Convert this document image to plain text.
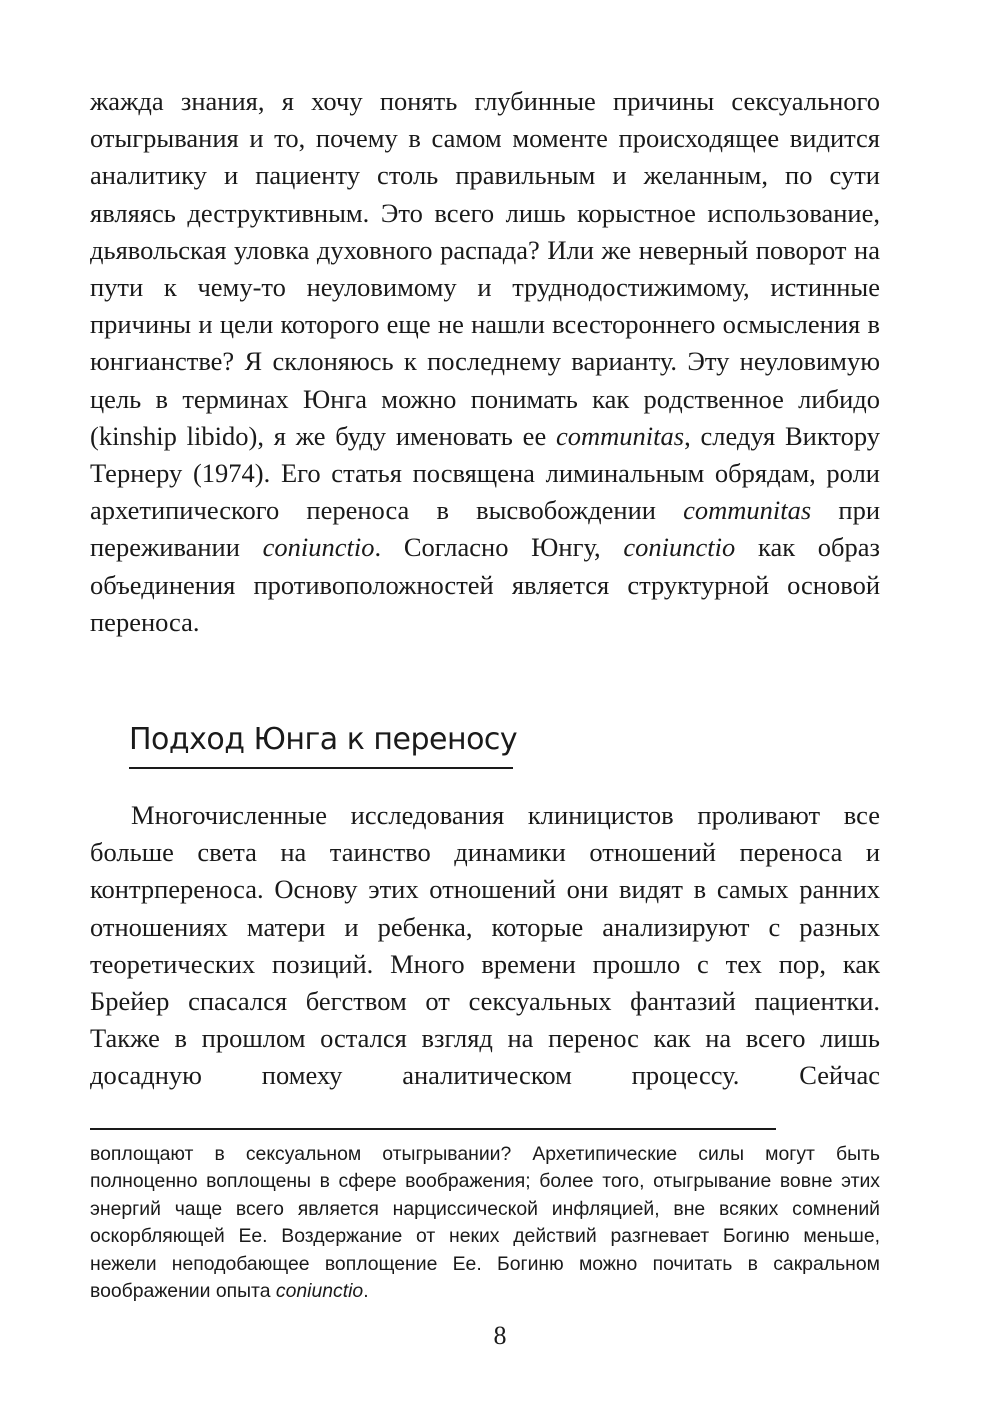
жажда знания, я хочу понять глубинные причины сексуального отыгрывания и то, почему в самом моменте происходящее видится аналитику и пациенту столь правильным и желанным, по сути являясь деструктивным. Это всего лишь корыстное использование, дьявольская уловка духовного распада? Или же неверный поворот на пути к чему-то неуловимому и труднодостижимому, истинные причины и цели которого еще не нашли всестороннего осмысления в юнгианстве? Я склоняюсь к последнему варианту. Эту неуловимую цель в терминах Юнга можно понимать как родственное либидо (kinship libido), я же буду именовать ее communitas, следуя Виктору Тернеру (1974). Его статья посвящена лиминальным обрядам, роли архетипического переноса в высвобождении communitas при переживании coniunctio. Согласно Юнгу, coniunctio как образ объединения противоположностей является структурной основой переноса.

Подход Юнга к переносу

Многочисленные исследования клиницистов проливают все больше света на таинство динамики отношений переноса и контрпереноса. Основу этих отношений они видят в самых ранних отношениях матери и ребенка, которые анализируют с разных теоретических позиций. Много времени прошло с тех пор, как Брейер спасался бегством от сексуальных фантазий пациентки. Также в прошлом остался взгляд на перенос как на всего лишь досадную помеху аналитическом процессу. Сейчас

воплощают в сексуальном отыгрывании? Архетипические силы могут быть полноценно воплощены в сфере воображения; более того, отыгрывание вовне этих энергий чаще всего является нарциссической инфляцией, вне всяких сомнений оскорбляющей Ее. Воздержание от неких действий разгневает Богиню меньше, нежели неподобающее воплощение Ее. Богиню можно почитать в сакральном воображении опыта coniunctio.

8
